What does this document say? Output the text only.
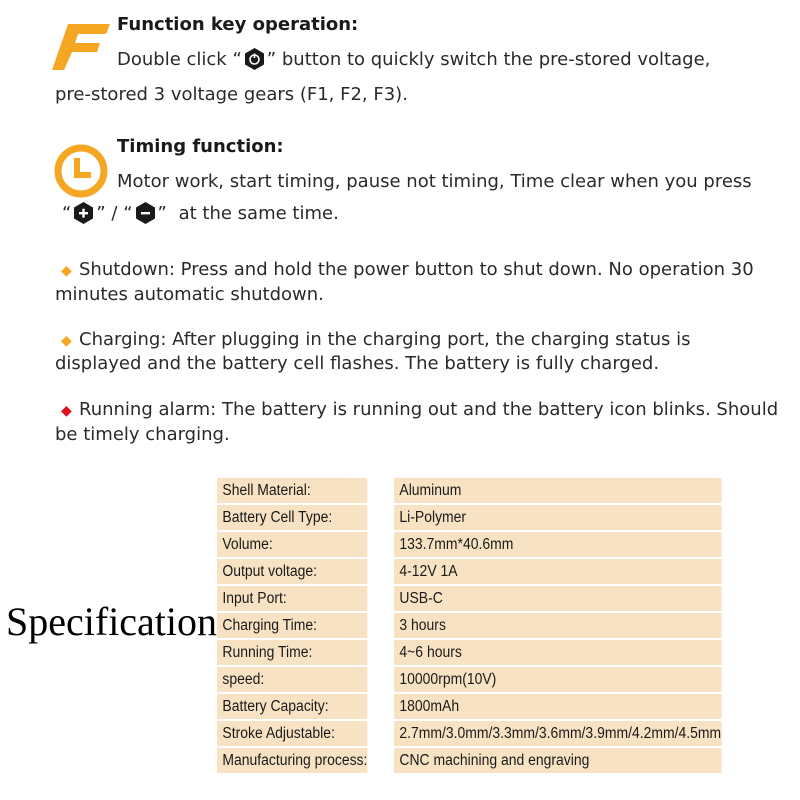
Function key operation:
Double click “ ” button to quickly switch the pre-stored voltage,
pre-stored 3 voltage gears (F1, F2, F3).
Timing function:
Motor work, start timing, pause not timing, Time clear when you press
“ ” / “ ” at the same time.
◆ Shutdown: Press and hold the power button to shut down. No operation 30
minutes automatic shutdown.
◆ Charging: After plugging in the charging port, the charging status is
displayed and the battery cell flashes. The battery is fully charged.
◆ Running alarm: The battery is running out and the battery icon blinks. Should
be timely charging.
Specification
Shell Material:	Aluminum
Battery Cell Type:	Li-Polymer
Volume:	133.7mm*40.6mm
Output voltage:	4-12V 1A
Input Port:	USB-C
Charging Time:	3 hours
Running Time:	4~6 hours
speed:	10000rpm(10V)
Battery Capacity:	1800mAh
Stroke Adjustable:	2.7mm/3.0mm/3.3mm/3.6mm/3.9mm/4.2mm/4.5mm
Manufacturing process:	CNC machining and engraving
